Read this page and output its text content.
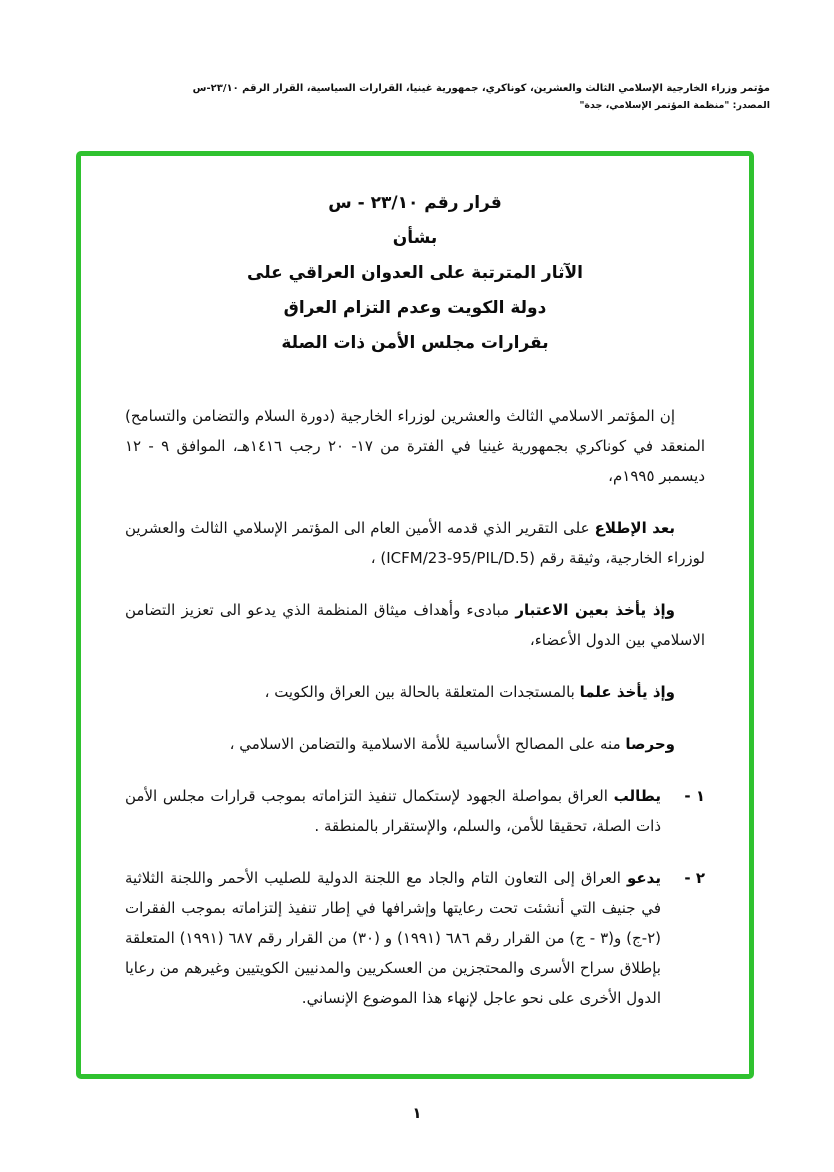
مؤتمر وزراء الخارجية الإسلامي الثالث والعشرين، كوناكري، جمهورية غينيا، القرارات السياسية، القرار الرقم ٢٣/١٠-س
المصدر: "منظمة المؤتمر الإسلامي، جدة"
قرار رقم ٢٣/١٠ - س
بشأن
الآثار المترتبة على العدوان العراقي على
دولة الكويت وعدم التزام العراق
بقرارات مجلس الأمن ذات الصلة

إن المؤتمر الاسلامي الثالث والعشرين لوزراء الخارجية (دورة السلام والتضامن والتسامح) المنعقد في كوناكري بجمهورية غينيا في الفترة من ١٧- ٢٠ رجب ١٤١٦هـ، الموافق ٩ - ١٢ ديسمبر ١٩٩٥م،

بعد الإطلاع على التقرير الذي قدمه الأمين العام الى المؤتمر الإسلامي الثالث والعشرين لوزراء الخارجية، وثيقة رقم (ICFM/23-95/PIL/D.5) ،

وإذ يأخذ بعين الاعتبار مبادىء وأهداف ميثاق المنظمة الذي يدعو الى تعزيز التضامن الاسلامي بين الدول الأعضاء،

وإذ يأخذ علما بالمستجدات المتعلقة بالحالة بين العراق والكويت ،

وحرصا منه على المصالح الأساسية للأمة الاسلامية والتضامن الاسلامي ،

١ -
يطالب العراق بمواصلة الجهود لإستكمال تنفيذ التزاماته بموجب قرارات مجلس الأمن ذات الصلة، تحقيقا للأمن، والسلم، والإستقرار بالمنطقة .
٢ -
يدعو العراق إلى التعاون التام والجاد مع اللجنة الدولية للصليب الأحمر واللجنة الثلاثية في جنيف التي أنشئت تحت رعايتها وإشرافها في إطار تنفيذ إلتزاماته بموجب الفقرات (٢-ج) و(٣ - ج) من القرار رقم ٦٨٦ (١٩٩١) و (٣٠) من القرار رقم ٦٨٧ (١٩٩١) المتعلقة بإطلاق سراح الأسرى والمحتجزين من العسكريين والمدنيين الكويتيين وغيرهم من رعايا الدول الأخرى على نحو عاجل لإنهاء هذا الموضوع الإنساني.
١
